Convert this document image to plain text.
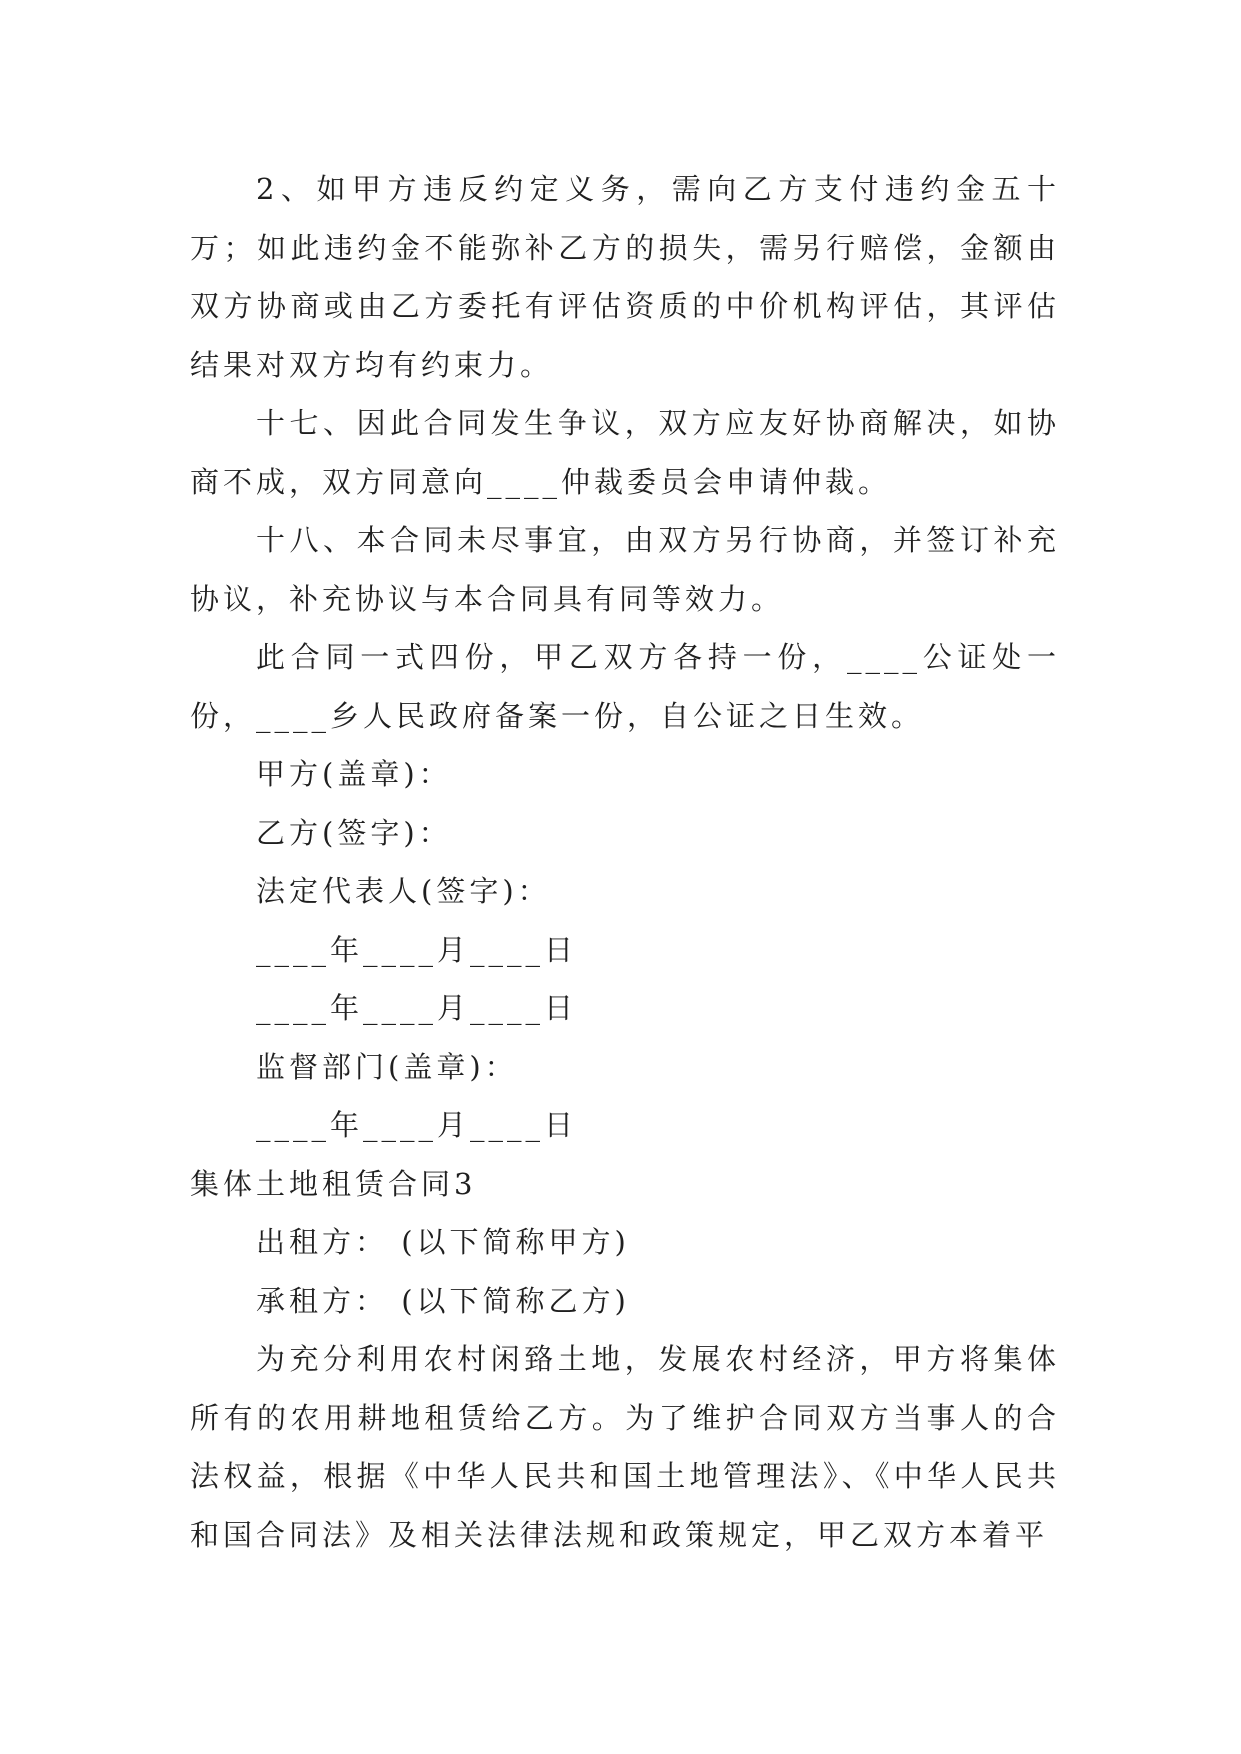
2、如甲方违反约定义务，需向乙方支付违约金五十万；如此违约金不能弥补乙方的损失，需另行赔偿，金额由双方协商或由乙方委托有评估资质的中价机构评估，其评估结果对双方均有约束力。

十七、因此合同发生争议，双方应友好协商解决，如协商不成，双方同意向____仲裁委员会申请仲裁。

十八、本合同未尽事宜，由双方另行协商，并签订补充协议，补充协议与本合同具有同等效力。

此合同一式四份，甲乙双方各持一份，____公证处一份，____乡人民政府备案一份，自公证之日生效。

甲方(盖章)：

乙方(签字)：

法定代表人(签字)：

____年____月____日

____年____月____日

监督部门(盖章)：

____年____月____日

集体土地租赁合同3

出租方： (以下简称甲方)

承租方： (以下简称乙方)

为充分利用农村闲臵土地，发展农村经济，甲方将集体所有的农用耕地租赁给乙方。为了维护合同双方当事人的合法权益，根据《中华人民共和国土地管理法》、《中华人民共和国合同法》及相关法律法规和政策规定，甲乙双方本着平
